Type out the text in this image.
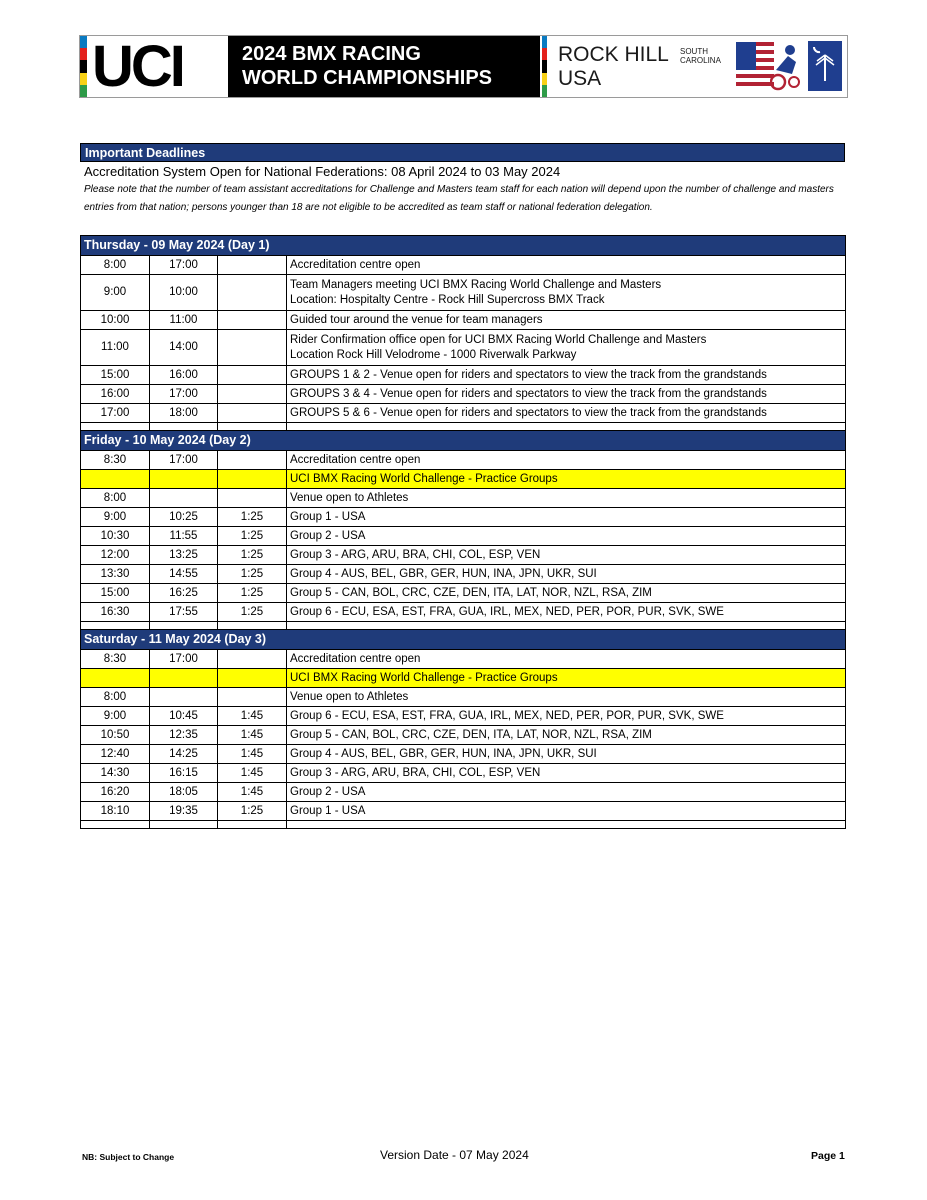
UCI	2024 BMX RACING
WORLD CHAMPIONSHIPS
ROCK HILL SOUTH
CAROLINA
USA
Important Deadlines
Accreditation System Open for National Federations: 08 April 2024 to 03 May 2024
Please note that the number of team assistant accreditations for Challenge and Masters team staff for each nation will depend upon the number of challenge and masters entries from that nation; persons younger than 18 are not eligible to be accredited as team staff or national federation delegation.
Thursday - 09 May 2024 (Day 1)			
8:00	17:00		Accreditation centre open

9:00	10:00		Team Managers meeting UCI BMX Racing World Challenge and Masters
Location: Hospitalty Centre - Rock Hill Supercross BMX Track

10:00	11:00		Guided tour around the venue for team managers

11:00	14:00		Rider Confirmation office open for UCI BMX Racing World Challenge and Masters
Location Rock Hill Velodrome - 1000 Riverwalk Parkway

15:00	16:00		GROUPS 1 & 2 - Venue open for riders and spectators to view the track from the grandstands

16:00	17:00		GROUPS 3 & 4 - Venue open for riders and spectators to view the track from the grandstands

17:00	18:00		GROUPS 5 & 6 - Venue open for riders and spectators to view the track from the grandstands

Friday - 10 May 2024 (Day 2)			
8:30	17:00		Accreditation centre open

			UCI BMX Racing World Challenge - Practice Groups

8:00			Venue open to Athletes

9:00	10:25	1:25	Group 1 - USA

10:30	11:55	1:25	Group 2 - USA

12:00	13:25	1:25	Group 3 - ARG, ARU, BRA, CHI, COL, ESP, VEN

13:30	14:55	1:25	Group 4 - AUS, BEL, GBR, GER, HUN, INA, JPN, UKR, SUI

15:00	16:25	1:25	Group 5 - CAN, BOL, CRC, CZE, DEN, ITA, LAT, NOR, NZL, RSA, ZIM

16:30	17:55	1:25	Group 6 - ECU, ESA, EST, FRA, GUA, IRL, MEX, NED, PER, POR, PUR, SVK, SWE

Saturday - 11 May 2024 (Day 3)			
8:30	17:00		Accreditation centre open

			UCI BMX Racing World Challenge - Practice Groups

8:00			Venue open to Athletes

9:00	10:45	1:45	Group 6 - ECU, ESA, EST, FRA, GUA, IRL, MEX, NED, PER, POR, PUR, SVK, SWE

10:50	12:35	1:45	Group 5 - CAN, BOL, CRC, CZE, DEN, ITA, LAT, NOR, NZL, RSA, ZIM

12:40	14:25	1:45	Group 4 - AUS, BEL, GBR, GER, HUN, INA, JPN, UKR, SUI

14:30	16:15	1:45	Group 3 - ARG, ARU, BRA, CHI, COL, ESP, VEN

16:20	18:05	1:45	Group 2 - USA

18:10	19:35	1:25	Group 1 - USA

NB: Subject to Change	Version Date - 07 May 2024	Page 1
